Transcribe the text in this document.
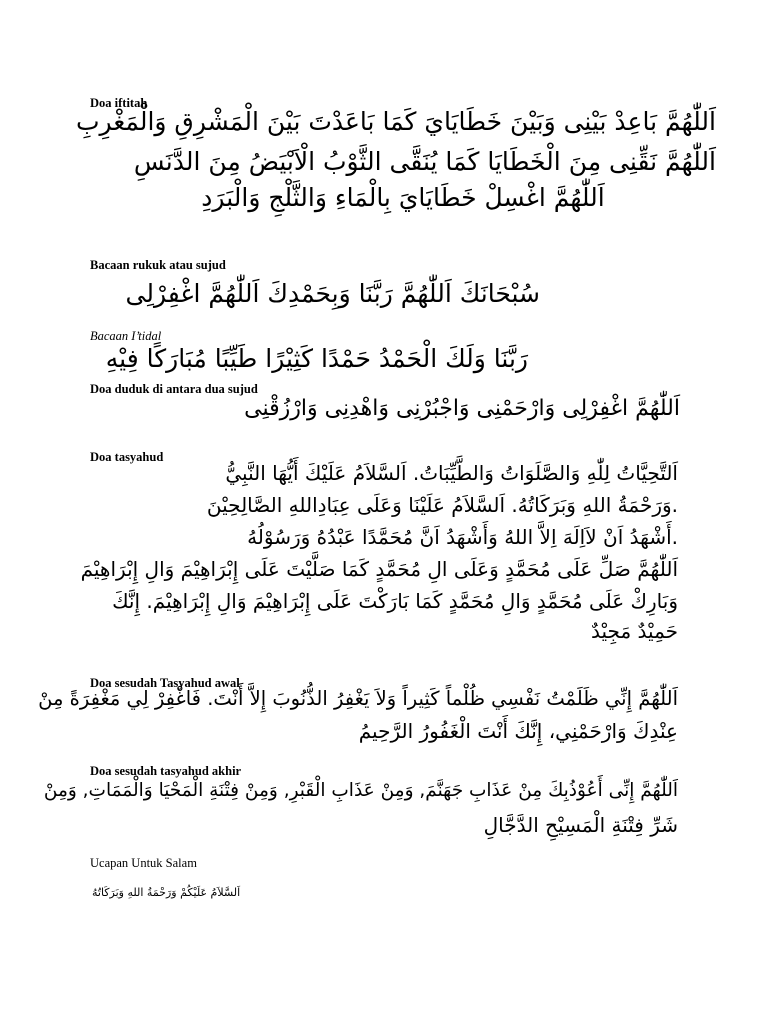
Doa iftitah
اَللّٰهُمَّ بَاعِدْ بَيْنِى وَبَيْنَ خَطَايَايَ كَمَا بَاعَدْتَ بَيْنَ الْمَشْرِقِ وَالْمَغْرِبِ
اَللّٰهُمَّ نَقِّنِى مِنَ الْخَطَايَا كَمَا يُنَقَّى الثَّوْبُ الْاَبْيَضُ مِنَ الدَّنَسِ
اَللّٰهُمَّ اغْسِلْ خَطَايَايَ بِالْمَاءِ وَالثَّلْجِ وَالْبَرَدِ
Bacaan rukuk atau sujud
سُبْحَانَكَ اَللّٰهُمَّ رَبَّنَا وَبِحَمْدِكَ اَللّٰهُمَّ اغْفِرْلِى
Bacaan I’tidal
رَبَّنَا وَلَكَ الْحَمْدُ حَمْدًا كَثِيْرًا طَيِّبًا مُبَارَكًا فِيْهِ
Doa duduk di antara dua sujud
اَللّٰهُمَّ اغْفِرْلِى وَارْحَمْنِى وَاجْبُرْنِى وَاهْدِنِى وَارْزُقْنِى
Doa tasyahud
اَلتَّحِيَّاتُ لِلّٰهِ وَالصَّلَوَاتُ وَالطَّيِّبَاتُ. اَلسَّلاَمُ عَلَيْكَ أَيُّهَا النَّبِيُّ
.وَرَحْمَةُ اللهِ وَبَرَكَاتُهُ. اَلسَّلاَمُ عَلَيْنَا وَعَلَى عِبَادِاللهِ الصَّالِحِيْنَ
.أَشْهَدُ اَنْ لاَاِلَهَ اِلاَّ اللهُ وَأَشْهَدُ اَنَّ مُحَمَّدًا عَبْدُهُ وَرَسُوْلُهُ
اَللّٰهُمَّ صَلِّ عَلَى مُحَمَّدٍ وَعَلَى الِ مُحَمَّدٍ كَمَا صَلَّيْتَ عَلَى إِبْرَاهِيْمَ وَالِ إِبْرَاهِيْمَ
وَبَارِكْ عَلَى مُحَمَّدٍ وَالِ مُحَمَّدٍ كَمَا بَارَكْتَ عَلَى إِبْرَاهِيْمَ وَالِ إِبْرَاهِيْمَ. إِنَّكَ
حَمِيْدٌ مَجِيْدٌ
Doa sesudah Tasyahud awal
اَللّٰهُمَّ إِنِّي ظَلَمْتُ نَفْسِي ظُلْماً كَثِيراً وَلاَ يَغْفِرُ الذُّنُوبَ إِلاَّ أَنْتَ. فَاغْفِرْ لِي مَغْفِرَةً مِنْ
عِنْدِكَ وَارْحَمْنِي، إِنَّكَ أَنْتَ الْغَفُورُ الرَّحِيمُ
Doa sesudah tasyahud akhir
اَللّٰهُمَّ إِنِّى أَعُوْذُبِكَ مِنْ عَذَابِ جَهَنَّمَ, وَمِنْ عَذَابِ الْقَبْرِ, وَمِنْ فِتْنَةِ الْمَحْيَا وَالْمَمَاتِ, وَمِنْ
شَرِّ فِتْنَةِ الْمَسِيْحِ الدَّجَّالِ
Ucapan Untuk Salam
اَلسَّلاَمُ عَلَيْكُمْ وَرَحْمَةُ اللهِ وَبَرَكَاتُهُ
